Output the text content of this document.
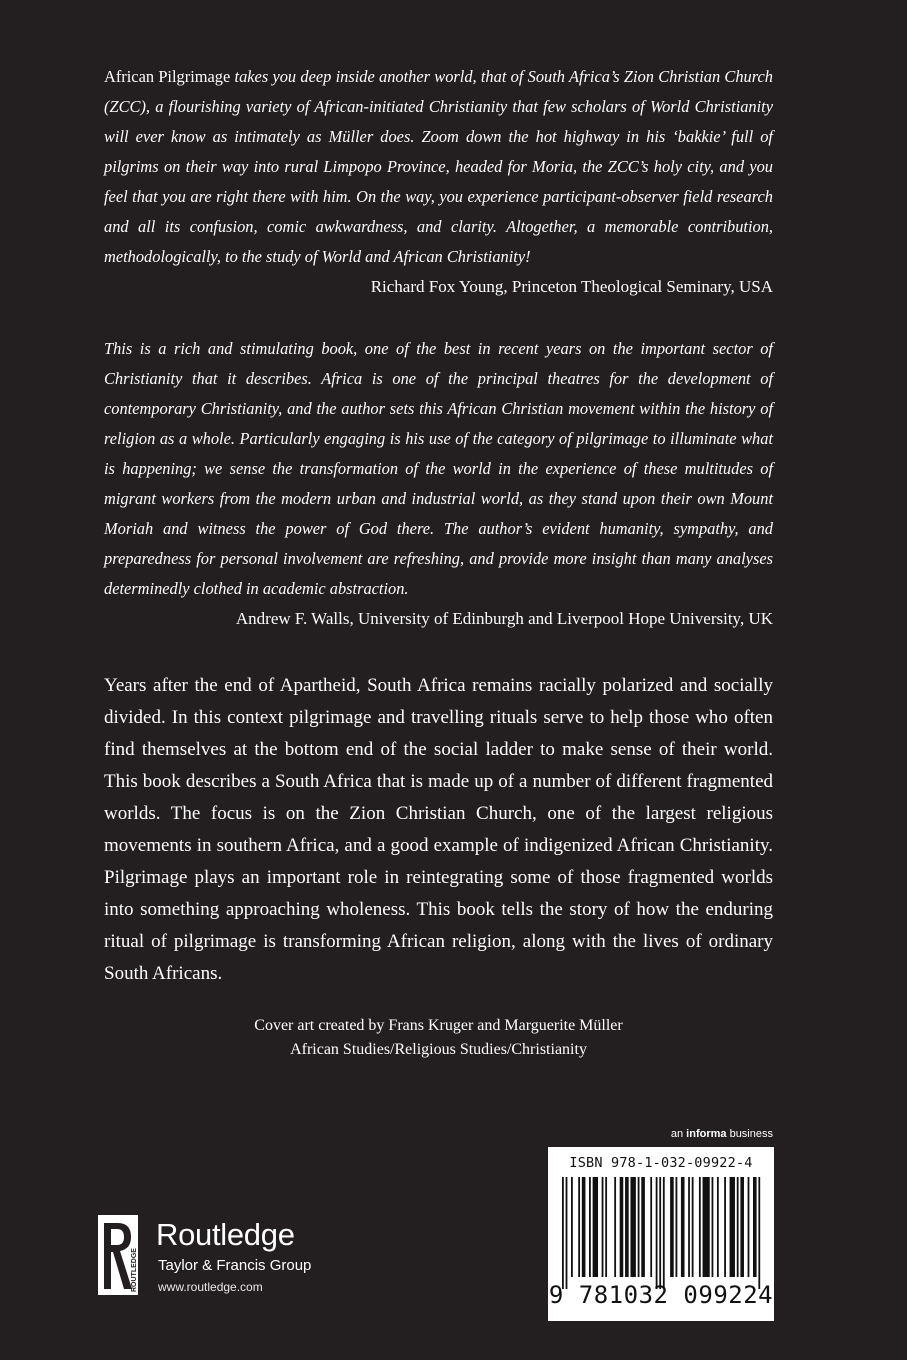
African Pilgrimage takes you deep inside another world, that of South Africa’s Zion Christian Church (ZCC), a flourishing variety of African-initiated Christianity that few scholars of World Christianity will ever know as intimately as Müller does. Zoom down the hot highway in his ‘bakkie’ full of pilgrims on their way into rural Limpopo Province, headed for Moria, the ZCC’s holy city, and you feel that you are right there with him. On the way, you experience participant-observer field research and all its confusion, comic awkwardness, and clarity. Altogether, a memorable contribution, methodologically, to the study of World and African Christianity!

Richard Fox Young, Princeton Theological Seminary, USA

This is a rich and stimulating book, one of the best in recent years on the important sector of Christianity that it describes. Africa is one of the principal theatres for the development of contemporary Christianity, and the author sets this African Christian movement within the history of religion as a whole. Particularly engaging is his use of the category of pilgrimage to illuminate what is happening; we sense the transformation of the world in the experience of these multitudes of migrant workers from the modern urban and industrial world, as they stand upon their own Mount Moriah and witness the power of God there. The author’s evident humanity, sympathy, and preparedness for personal involvement are refreshing, and provide more insight than many analyses determinedly clothed in academic abstraction.

Andrew F. Walls, University of Edinburgh and Liverpool Hope University, UK

Years after the end of Apartheid, South Africa remains racially polarized and socially divided. In this context pilgrimage and travelling rituals serve to help those who often find themselves at the bottom end of the social ladder to make sense of their world. This book describes a South Africa that is made up of a number of different fragmented worlds. The focus is on the Zion Christian Church, one of the largest religious movements in southern Africa, and a good example of indigenized African Christianity. Pilgrimage plays an important role in reintegrating some of those fragmented worlds into something approaching wholeness. This book tells the story of how the enduring ritual of pilgrimage is transforming African religion, along with the lives of ordinary South Africans.

Cover art created by Frans Kruger and Marguerite Müller
African Studies/Religious Studies/Christianity
an informa business
ISBN 978-1-032-09922-4
9 781032 099224
ROUTLEDGE
Routledge
Taylor & Francis Group
www.routledge.com
